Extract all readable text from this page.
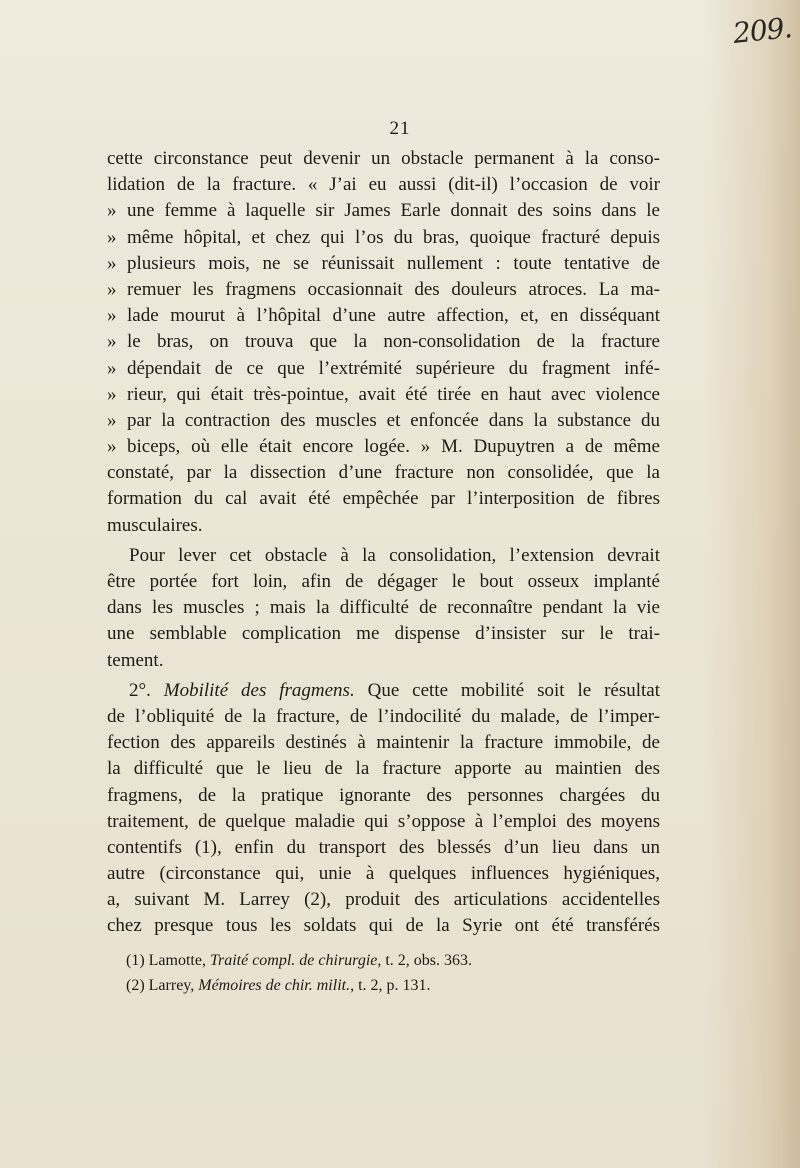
209.
21
cette circonstance peut devenir un obstacle permanent à la conso-
lidation de la fracture. « J’ai eu aussi (dit-il) l’occasion de voir
» une femme à laquelle sir James Earle donnait des soins dans le
» même hôpital, et chez qui l’os du bras, quoique fracturé depuis
» plusieurs mois, ne se réunissait nullement : toute tentative de
» remuer les fragmens occasionnait des douleurs atroces. La ma-
» lade mourut à l’hôpital d’une autre affection, et, en disséquant
» le bras, on trouva que la non-consolidation de la fracture
» dépendait de ce que l’extrémité supérieure du fragment infé-
» rieur, qui était très-pointue, avait été tirée en haut avec violence
» par la contraction des muscles et enfoncée dans la substance du
» biceps, où elle était encore logée. » M. Dupuytren a de même
constaté, par la dissection d’une fracture non consolidée, que la
formation du cal avait été empêchée par l’interposition de fibres
musculaires.
Pour lever cet obstacle à la consolidation, l’extension devrait
être portée fort loin, afin de dégager le bout osseux implanté
dans les muscles ; mais la difficulté de reconnaître pendant la vie
une semblable complication me dispense d’insister sur le trai-
tement.
2°. Mobilité des fragmens. Que cette mobilité soit le résultat
de l’obliquité de la fracture, de l’indocilité du malade, de l’imper-
fection des appareils destinés à maintenir la fracture immobile, de
la difficulté que le lieu de la fracture apporte au maintien des
fragmens, de la pratique ignorante des personnes chargées du
traitement, de quelque maladie qui s’oppose à l’emploi des moyens
contentifs (1), enfin du transport des blessés d’un lieu dans un
autre (circonstance qui, unie à quelques influences hygiéniques,
a, suivant M. Larrey (2), produit des articulations accidentelles
chez presque tous les soldats qui de la Syrie ont été transférés
(1) Lamotte, Traité compl. de chirurgie, t. 2, obs. 363.
(2) Larrey, Mémoires de chir. milit., t. 2, p. 131.
